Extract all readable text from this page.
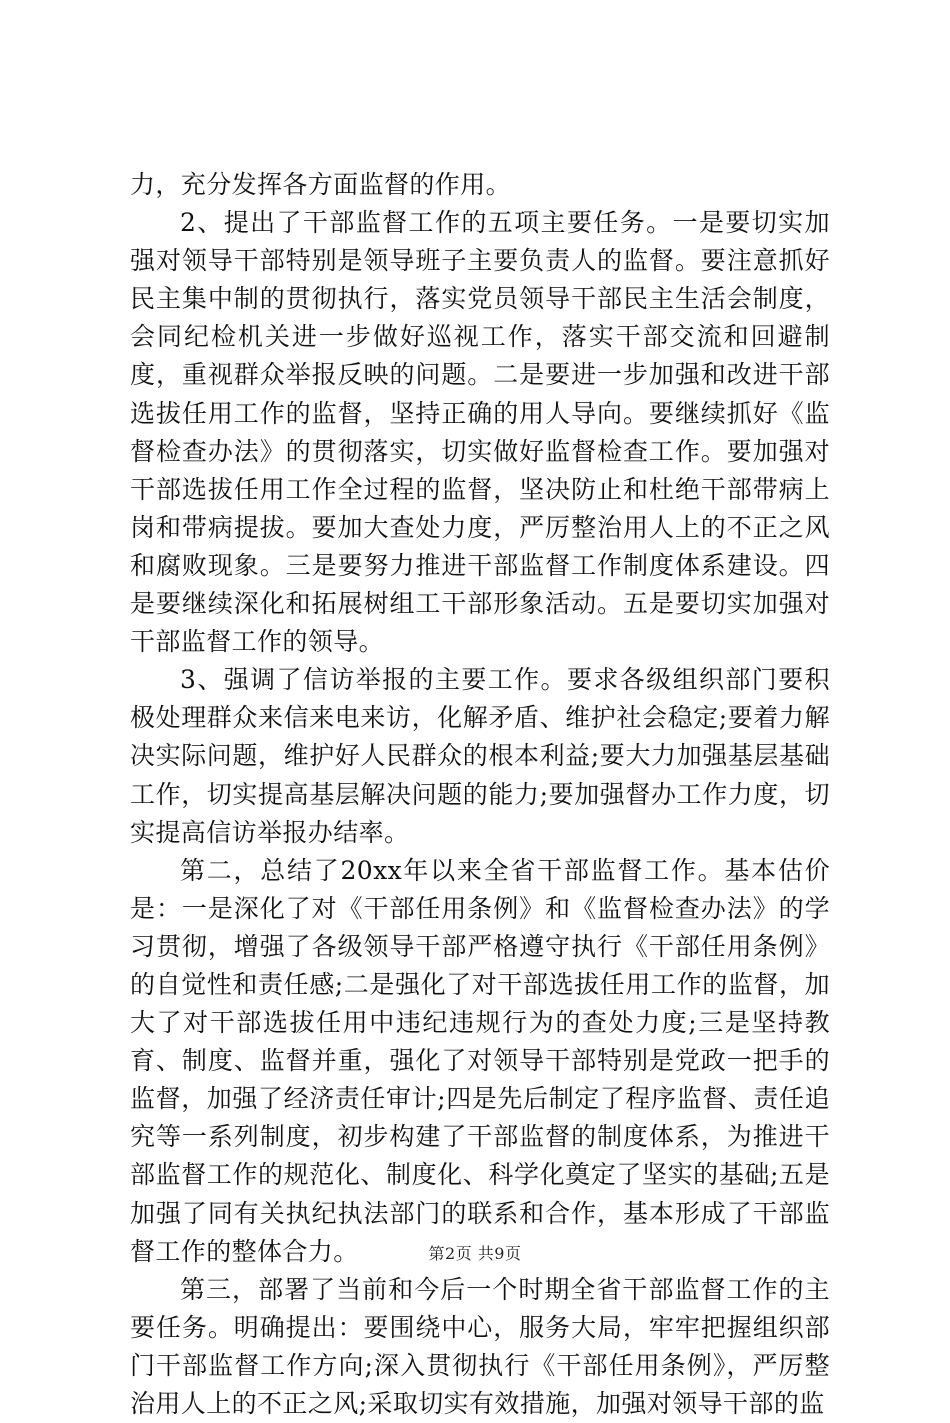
力，充分发挥各方面监督的作用。

2、提出了干部监督工作的五项主要任务。一是要切实加强对领导干部特别是领导班子主要负责人的监督。要注意抓好民主集中制的贯彻执行，落实党员领导干部民主生活会制度，会同纪检机关进一步做好巡视工作，落实干部交流和回避制度，重视群众举报反映的问题。二是要进一步加强和改进干部选拔任用工作的监督，坚持正确的用人导向。要继续抓好《监督检查办法》的贯彻落实，切实做好监督检查工作。要加强对干部选拔任用工作全过程的监督，坚决防止和杜绝干部带病上岗和带病提拔。要加大查处力度，严厉整治用人上的不正之风和腐败现象。三是要努力推进干部监督工作制度体系建设。四是要继续深化和拓展树组工干部形象活动。五是要切实加强对干部监督工作的领导。

3、强调了信访举报的主要工作。要求各级组织部门要积极处理群众来信来电来访，化解矛盾、维护社会稳定;要着力解决实际问题，维护好人民群众的根本利益;要大力加强基层基础工作，切实提高基层解决问题的能力;要加强督办工作力度，切实提高信访举报办结率。

第二，总结了20xx年以来全省干部监督工作。基本估价是：一是深化了对《干部任用条例》和《监督检查办法》的学习贯彻，增强了各级领导干部严格遵守执行《干部任用条例》的自觉性和责任感;二是强化了对干部选拔任用工作的监督，加大了对干部选拔任用中违纪违规行为的查处力度;三是坚持教育、制度、监督并重，强化了对领导干部特别是党政一把手的监督，加强了经济责任审计;四是先后制定了程序监督、责任追究等一系列制度，初步构建了干部监督的制度体系，为推进干部监督工作的规范化、制度化、科学化奠定了坚实的基础;五是加强了同有关执纪执法部门的联系和合作，基本形成了干部监督工作的整体合力。

第三，部署了当前和今后一个时期全省干部监督工作的主要任务。明确提出：要围绕中心，服务大局，牢牢把握组织部门干部监督工作方向;深入贯彻执行《干部任用条例》，严厉整治用人上的不正之风;采取切实有效措施，加强对领导干部的监

第2页 共9页
